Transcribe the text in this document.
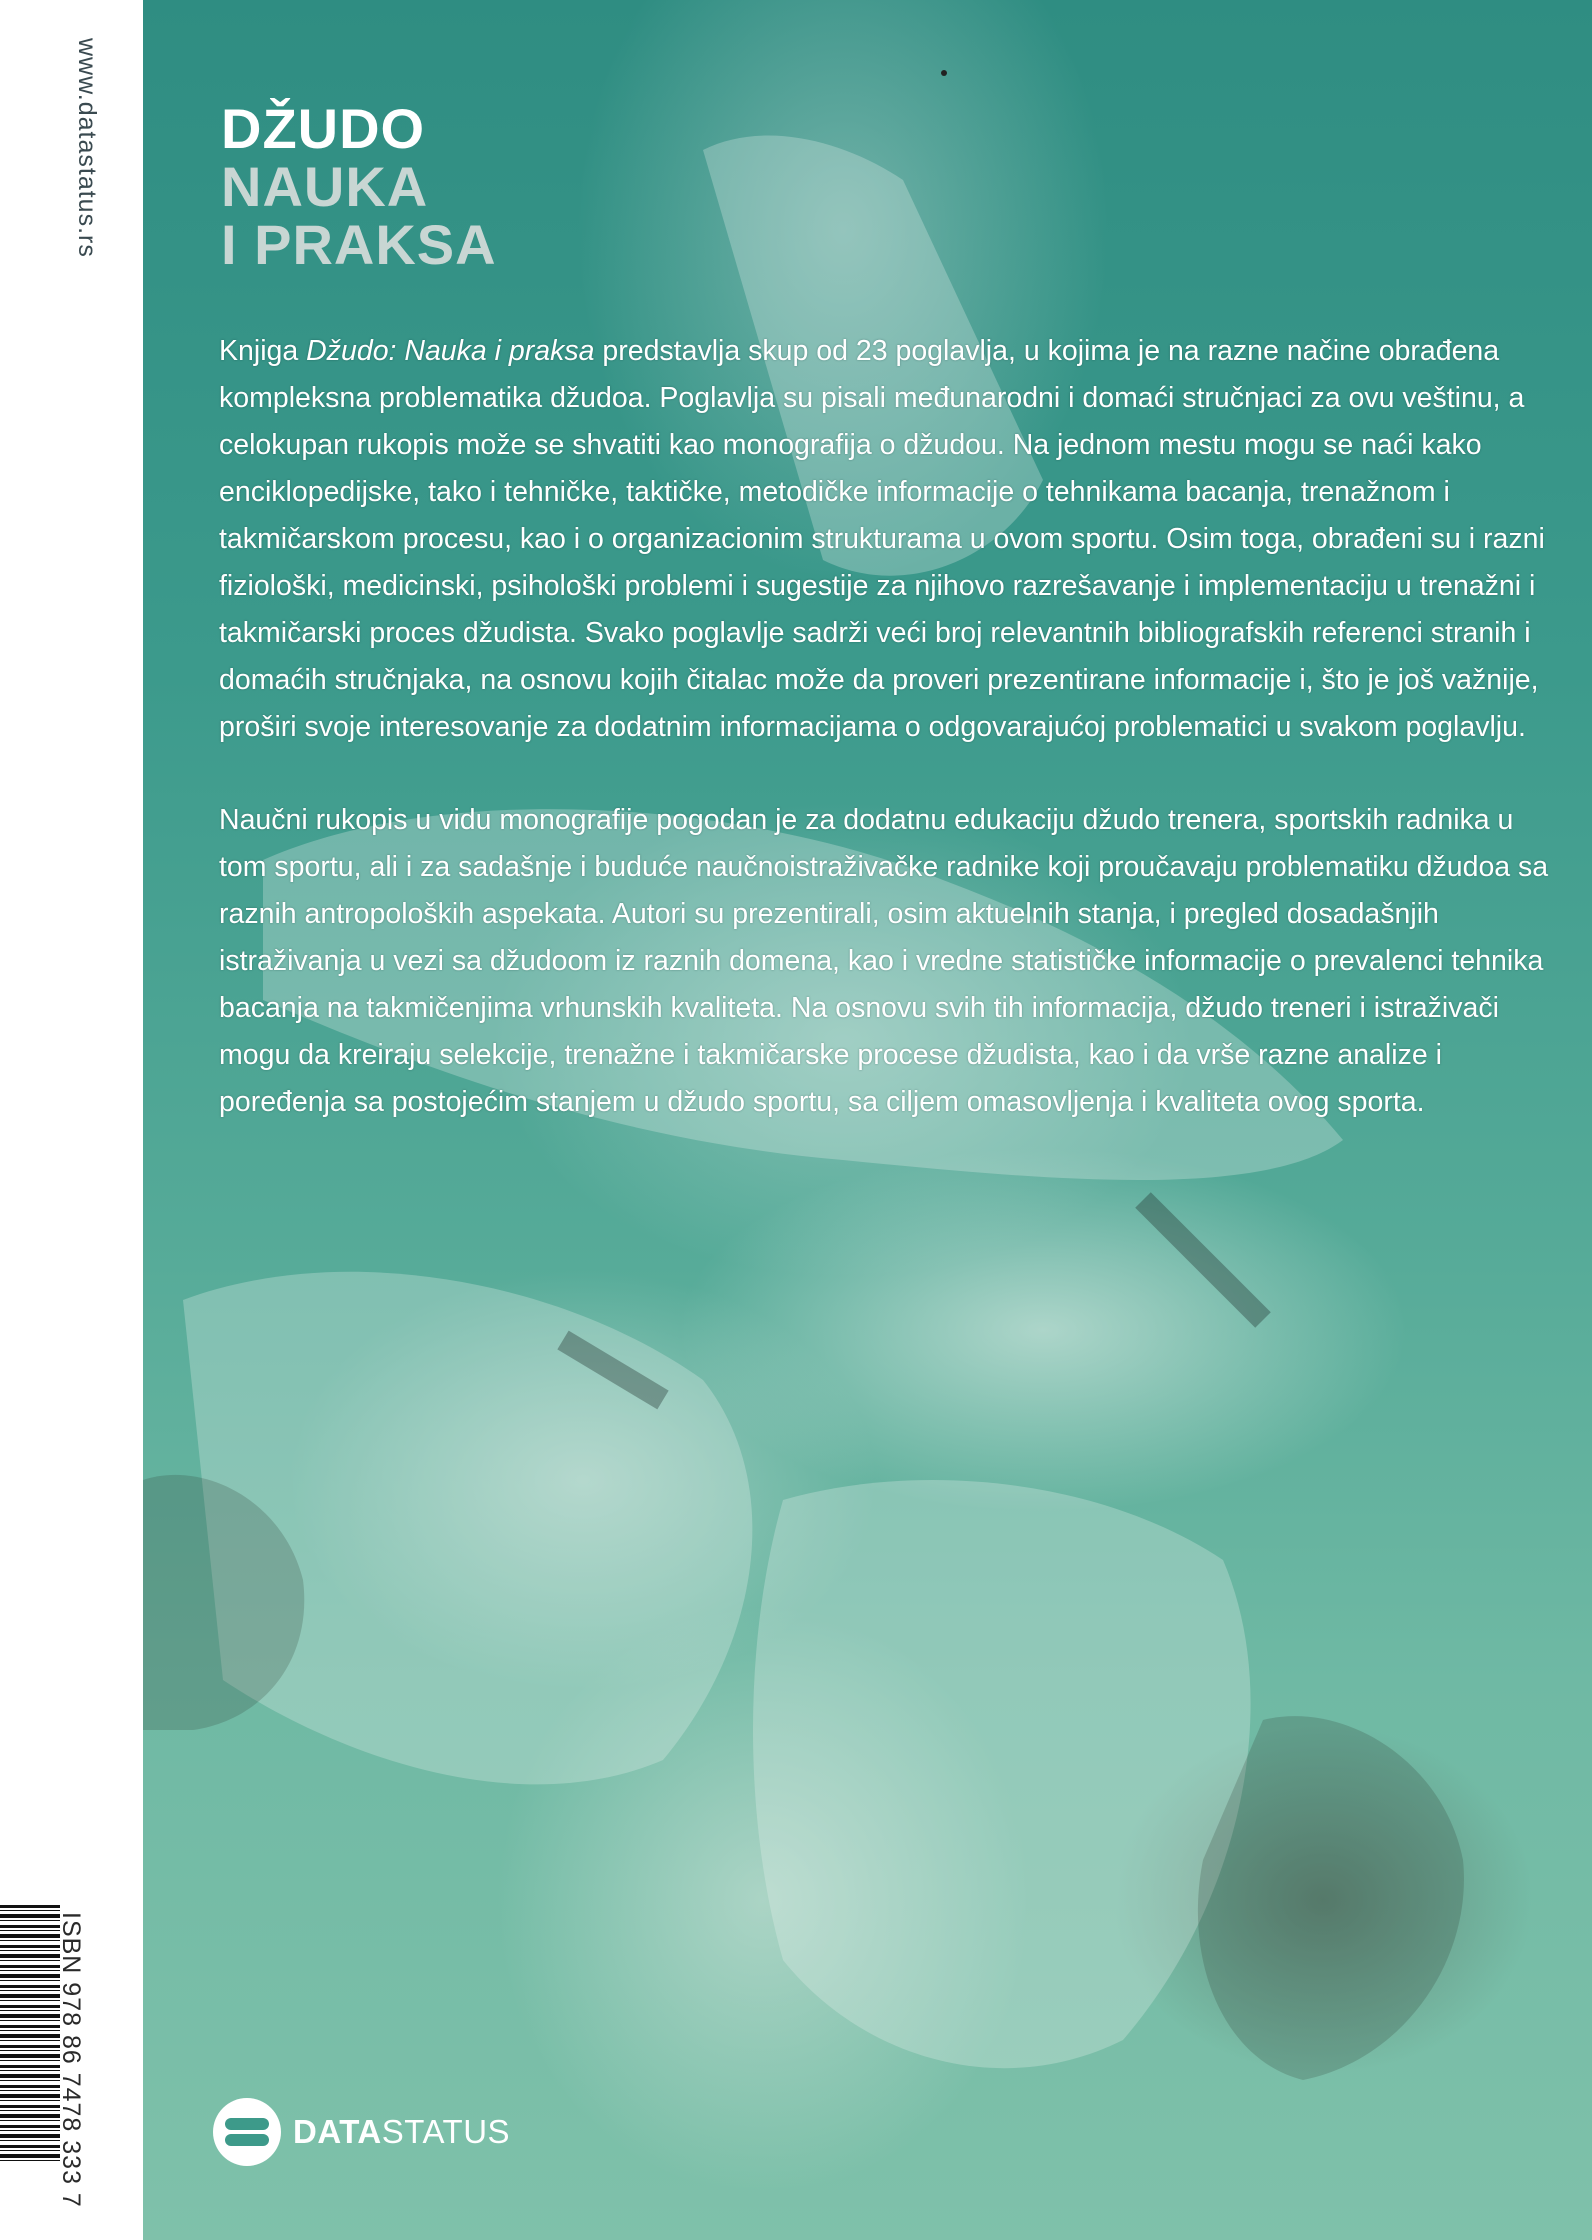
www.datastatus.rs
ISBN 978 86 7478 333 7
DŽUDO
NAUKA
I PRAKSA

Knjiga Džudo: Nauka i praksa predstavlja skup od 23 poglavlja, u kojima je na razne načine obrađena kompleksna problematika džudoa. Poglavlja su pisali međunarodni i domaći stručnjaci za ovu veštinu, a celokupan rukopis može se shvatiti kao monografija o džudou. Na jednom mestu mogu se naći kako enciklopedijske, tako i tehničke, taktičke, metodičke informacije o tehnikama bacanja, trenažnom i takmičarskom procesu, kao i o organizacionim strukturama u ovom sportu. Osim toga, obrađeni su i razni fiziološki, medicinski, psihološki problemi i sugestije za njihovo razrešavanje i implementaciju u trenažni i takmičarski proces džudista. Svako poglavlje sadrži veći broj relevantnih bibliografskih referenci stranih i domaćih stručnjaka, na osnovu kojih čitalac može da proveri prezentirane informacije i, što je još važnije, proširi svoje interesovanje za dodatnim informacijama o odgovarajućoj problematici u svakom poglavlju.

Naučni rukopis u vidu monografije pogodan je za dodatnu edukaciju džudo trenera, sportskih radnika u tom sportu, ali i za sadašnje i buduće naučnoistraživačke radnike koji proučavaju problematiku džudoa sa raznih antropoloških aspekata. Autori su prezentirali, osim aktuelnih stanja, i pregled dosadašnjih istraživanja u vezi sa džudoom iz raznih domena, kao i vredne statističke informacije o prevalenci tehnika bacanja na takmičenjima vrhunskih kvaliteta. Na osnovu svih tih informacija, džudo treneri i istraživači mogu da kreiraju selekcije, trenažne i takmičarske procese džudista, kao i da vrše razne analize i poređenja sa postojećim stanjem u džudo sportu, sa ciljem omasovljenja i kvaliteta ovog sporta.

DATASTATUS
